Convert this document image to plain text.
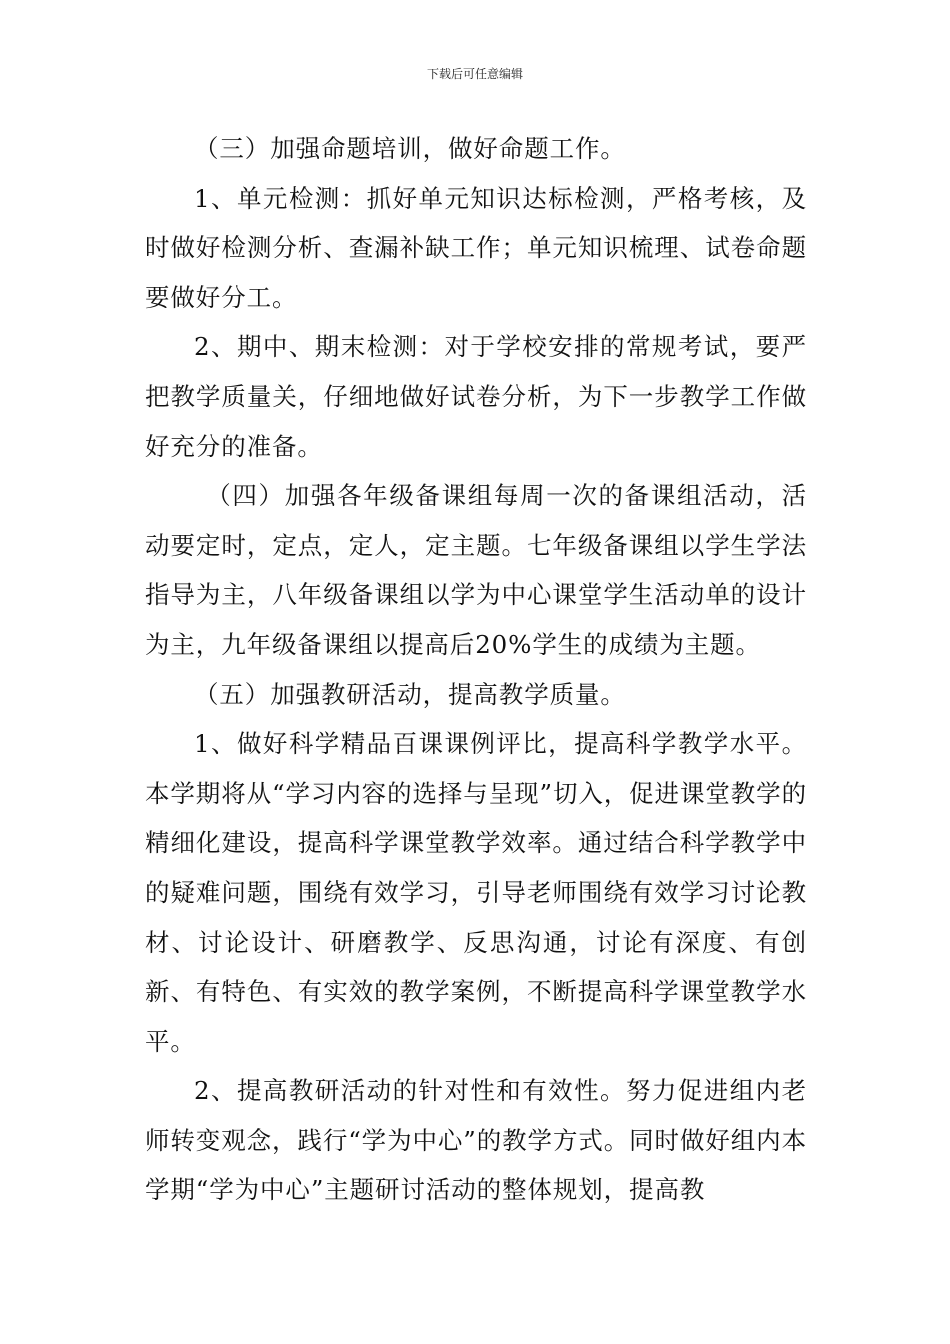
下载后可任意编辑

（三）加强命题培训，做好命题工作。

1、单元检测：抓好单元知识达标检测，严格考核，及时做好检测分析、查漏补缺工作；单元知识梳理、试卷命题要做好分工。

2、期中、期末检测：对于学校安排的常规考试，要严把教学质量关，仔细地做好试卷分析，为下一步教学工作做好充分的准备。

（四）加强各年级备课组每周一次的备课组活动，活动要定时，定点，定人，定主题。七年级备课组以学生学法指导为主，八年级备课组以学为中心课堂学生活动单的设计为主，九年级备课组以提高后20%学生的成绩为主题。

（五）加强教研活动，提高教学质量。

1、做好科学精品百课课例评比，提高科学教学水平。本学期将从“学习内容的选择与呈现”切入，促进课堂教学的精细化建设，提高科学课堂教学效率。通过结合科学教学中的疑难问题，围绕有效学习，引导老师围绕有效学习讨论教材、讨论设计、研磨教学、反思沟通，讨论有深度、有创新、有特色、有实效的教学案例，不断提高科学课堂教学水平。

2、提高教研活动的针对性和有效性。努力促进组内老师转变观念，践行“学为中心”的教学方式。同时做好组内本学期“学为中心”主题研讨活动的整体规划，提高教
